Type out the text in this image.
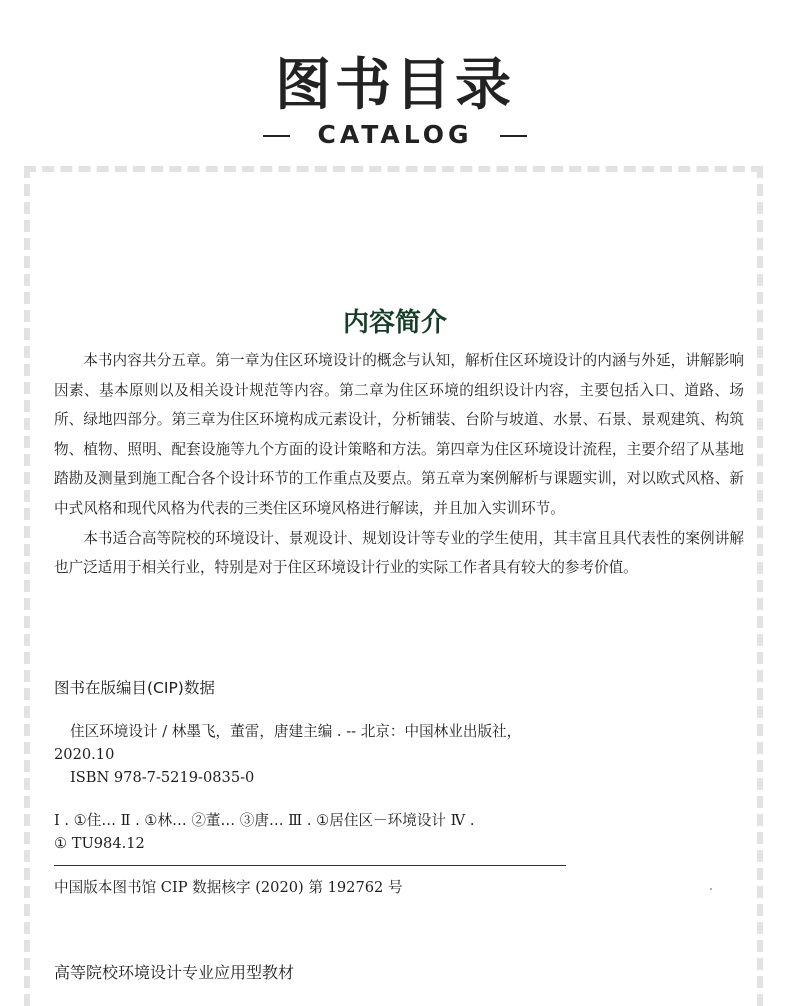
图书目录
CATALOG
内容简介

本书内容共分五章。第一章为住区环境设计的概念与认知，解析住区环境设计的内涵与外延，讲解影响因素、基本原则以及相关设计规范等内容。第二章为住区环境的组织设计内容，主要包括入口、道路、场所、绿地四部分。第三章为住区环境构成元素设计，分析铺装、台阶与坡道、水景、石景、景观建筑、构筑物、植物、照明、配套设施等九个方面的设计策略和方法。第四章为住区环境设计流程，主要介绍了从基地踏勘及测量到施工配合各个设计环节的工作重点及要点。第五章为案例解析与课题实训，对以欧式风格、新中式风格和现代风格为代表的三类住区环境风格进行解读，并且加入实训环节。

本书适合高等院校的环境设计、景观设计、规划设计等专业的学生使用，其丰富且具代表性的案例讲解也广泛适用于相关行业，特别是对于住区环境设计行业的实际工作者具有较大的参考价值。

图书在版编目(CIP)数据
住区环境设计 / 林墨飞，董雷，唐建主编 . -- 北京：中国林业出版社，
2020.10
ISBN 978-7-5219-0835-0
Ⅰ . ①住… Ⅱ . ①林… ②董… ③唐… Ⅲ . ①居住区－环境设计 Ⅳ .
① TU984.12
中国版本图书馆 CIP 数据核字 (2020) 第 192762 号
高等院校环境设计专业应用型教材
